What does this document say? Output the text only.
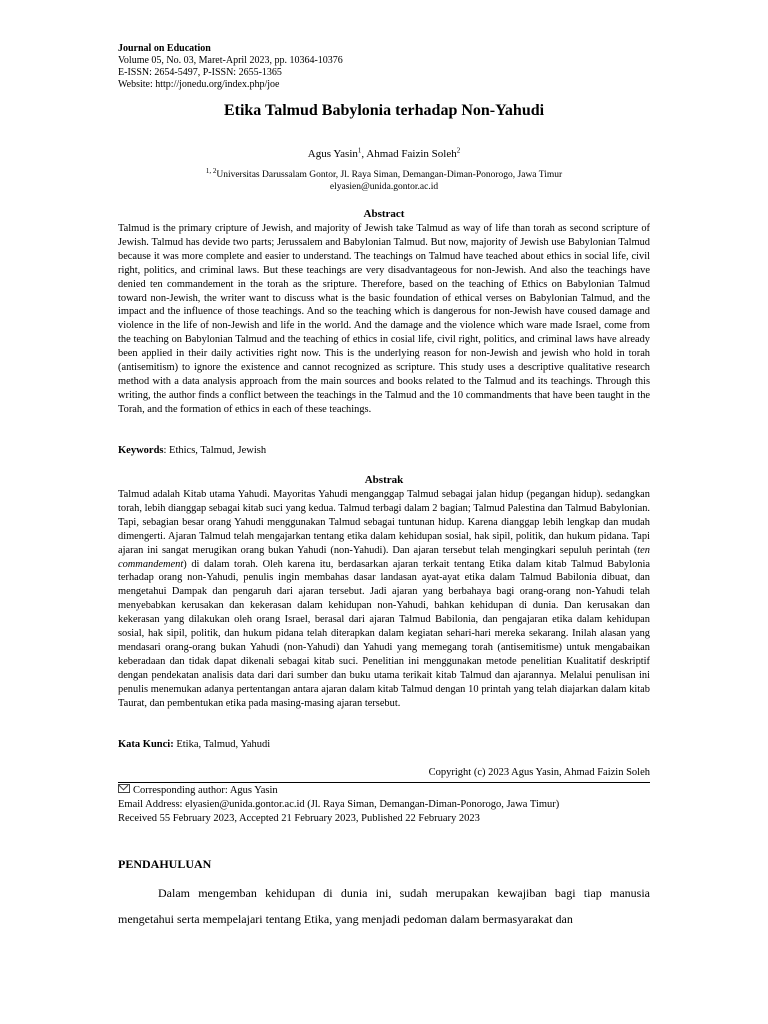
Journal on Education
Volume 05, No. 03, Maret-April 2023, pp. 10364-10376
E-ISSN: 2654-5497, P-ISSN: 2655-1365
Website: http://jonedu.org/index.php/joe
Etika Talmud Babylonia terhadap Non-Yahudi
Agus Yasin$^1$, Ahmad Faizin Soleh$^2$
$^{1, 2}$Universitas Darussalam Gontor, Jl. Raya Siman, Demangan-Diman-Ponorogo, Jawa Timur
elyasien@unida.gontor.ac.id
Abstract
Talmud is the primary cripture of Jewish, and majority of Jewish take Talmud as way of life than torah as second scripture of Jewish. Talmud has devide two parts; Jerussalem and Babylonian Talmud. But now, majority of Jewish use Babylonian Talmud because it was more complete and easier to understand. The teachings on Talmud have teached about ethics in social life, civil right, politics, and criminal laws. But these teachings are very disadvantageous for non-Jewish. And also the teachings have denied ten commandement in the torah as the sripture. Therefore, based on the teaching of Ethics on Babylonian Talmud toward non-Jewish, the writer want to discuss what is the basic foundation of ethical verses on Babylonian Talmud, and the impact and the influence of those teachings. And so the teaching which is dangerous for non-Jewish have coused damage and violence in the life of non-Jewish and life in the world. And the damage and the violence which ware made Israel, come from the teaching on Babylonian Talmud and the teaching of ethics in cosial life, civil right, politics, and criminal laws have already been applied in their daily activities right now. This is the underlying reason for non-Jewish and jewish who hold in torah (antisemitism) to ignore the existence and cannot recognized as scripture. This study uses a descriptive qualitative research method with a data analysis approach from the main sources and books related to the Talmud and its teachings. Through this writing, the author finds a conflict between the teachings in the Talmud and the 10 commandments that have been taught in the Torah, and the formation of ethics in each of these teachings.
Keywords: Ethics, Talmud, Jewish
Abstrak
Talmud adalah Kitab utama Yahudi. Mayoritas Yahudi menganggap Talmud sebagai jalan hidup (pegangan hidup). sedangkan torah, lebih dianggap sebagai kitab suci yang kedua. Talmud terbagi dalam 2 bagian; Talmud Palestina dan Talmud Babylonian. Tapi, sebagian besar orang Yahudi menggunakan Talmud sebagai tuntunan hidup. Karena dianggap lebih lengkap dan mudah dimengerti. Ajaran Talmud telah mengajarkan tentang etika dalam kehidupan sosial, hak sipil, politik, dan hukum pidana. Tapi ajaran ini sangat merugikan orang bukan Yahudi (non-Yahudi). Dan ajaran tersebut telah mengingkari sepuluh perintah (ten commandement) di dalam torah. Oleh karena itu, berdasarkan ajaran terkait tentang Etika dalam kitab Talmud Babylonia terhadap orang non-Yahudi, penulis ingin membahas dasar landasan ayat-ayat etika dalam Talmud Babilonia dibuat, dan mengetahui Dampak dan pengaruh dari ajaran tersebut. Jadi ajaran yang berbahaya bagi orang-orang non-Yahudi telah menyebabkan kerusakan dan kekerasan dalam kehidupan non-Yahudi, bahkan kehidupan di dunia. Dan kerusakan dan kekerasan yang dilakukan oleh orang Israel, berasal dari ajaran Talmud Babilonia, dan pengajaran etika dalam kehidupan sosial, hak sipil, politik, dan hukum pidana telah diterapkan dalam kegiatan sehari-hari mereka sekarang. Inilah alasan yang mendasari orang-orang bukan Yahudi (non-Yahudi) dan Yahudi yang memegang torah (antisemitisme) untuk mengabaikan keberadaan dan tidak dapat dikenali sebagai kitab suci. Penelitian ini menggunakan metode penelitian Kualitatif deskriptif dengan pendekatan analisis data dari dari sumber dan buku utama terikait kitab Talmud dan ajarannya. Melalui penulisan ini penulis menemukan adanya pertentangan antara ajaran dalam kitab Talmud dengan 10 printah yang telah diajarkan dalam kitab Taurat, dan pembentukan etika pada masing-masing ajaran tersebut.
Kata Kunci: Etika, Talmud, Yahudi
Copyright (c) 2023 Agus Yasin, Ahmad Faizin Soleh
Corresponding author: Agus Yasin
Email Address: elyasien@unida.gontor.ac.id (Jl. Raya Siman, Demangan-Diman-Ponorogo, Jawa Timur)
Received 55 February 2023, Accepted 21 February 2023, Published 22 February 2023
PENDAHULUAN
Dalam mengemban kehidupan di dunia ini, sudah merupakan kewajiban bagi tiap manusia mengetahui serta mempelajari tentang Etika, yang menjadi pedoman dalam bermasyarakat dan
